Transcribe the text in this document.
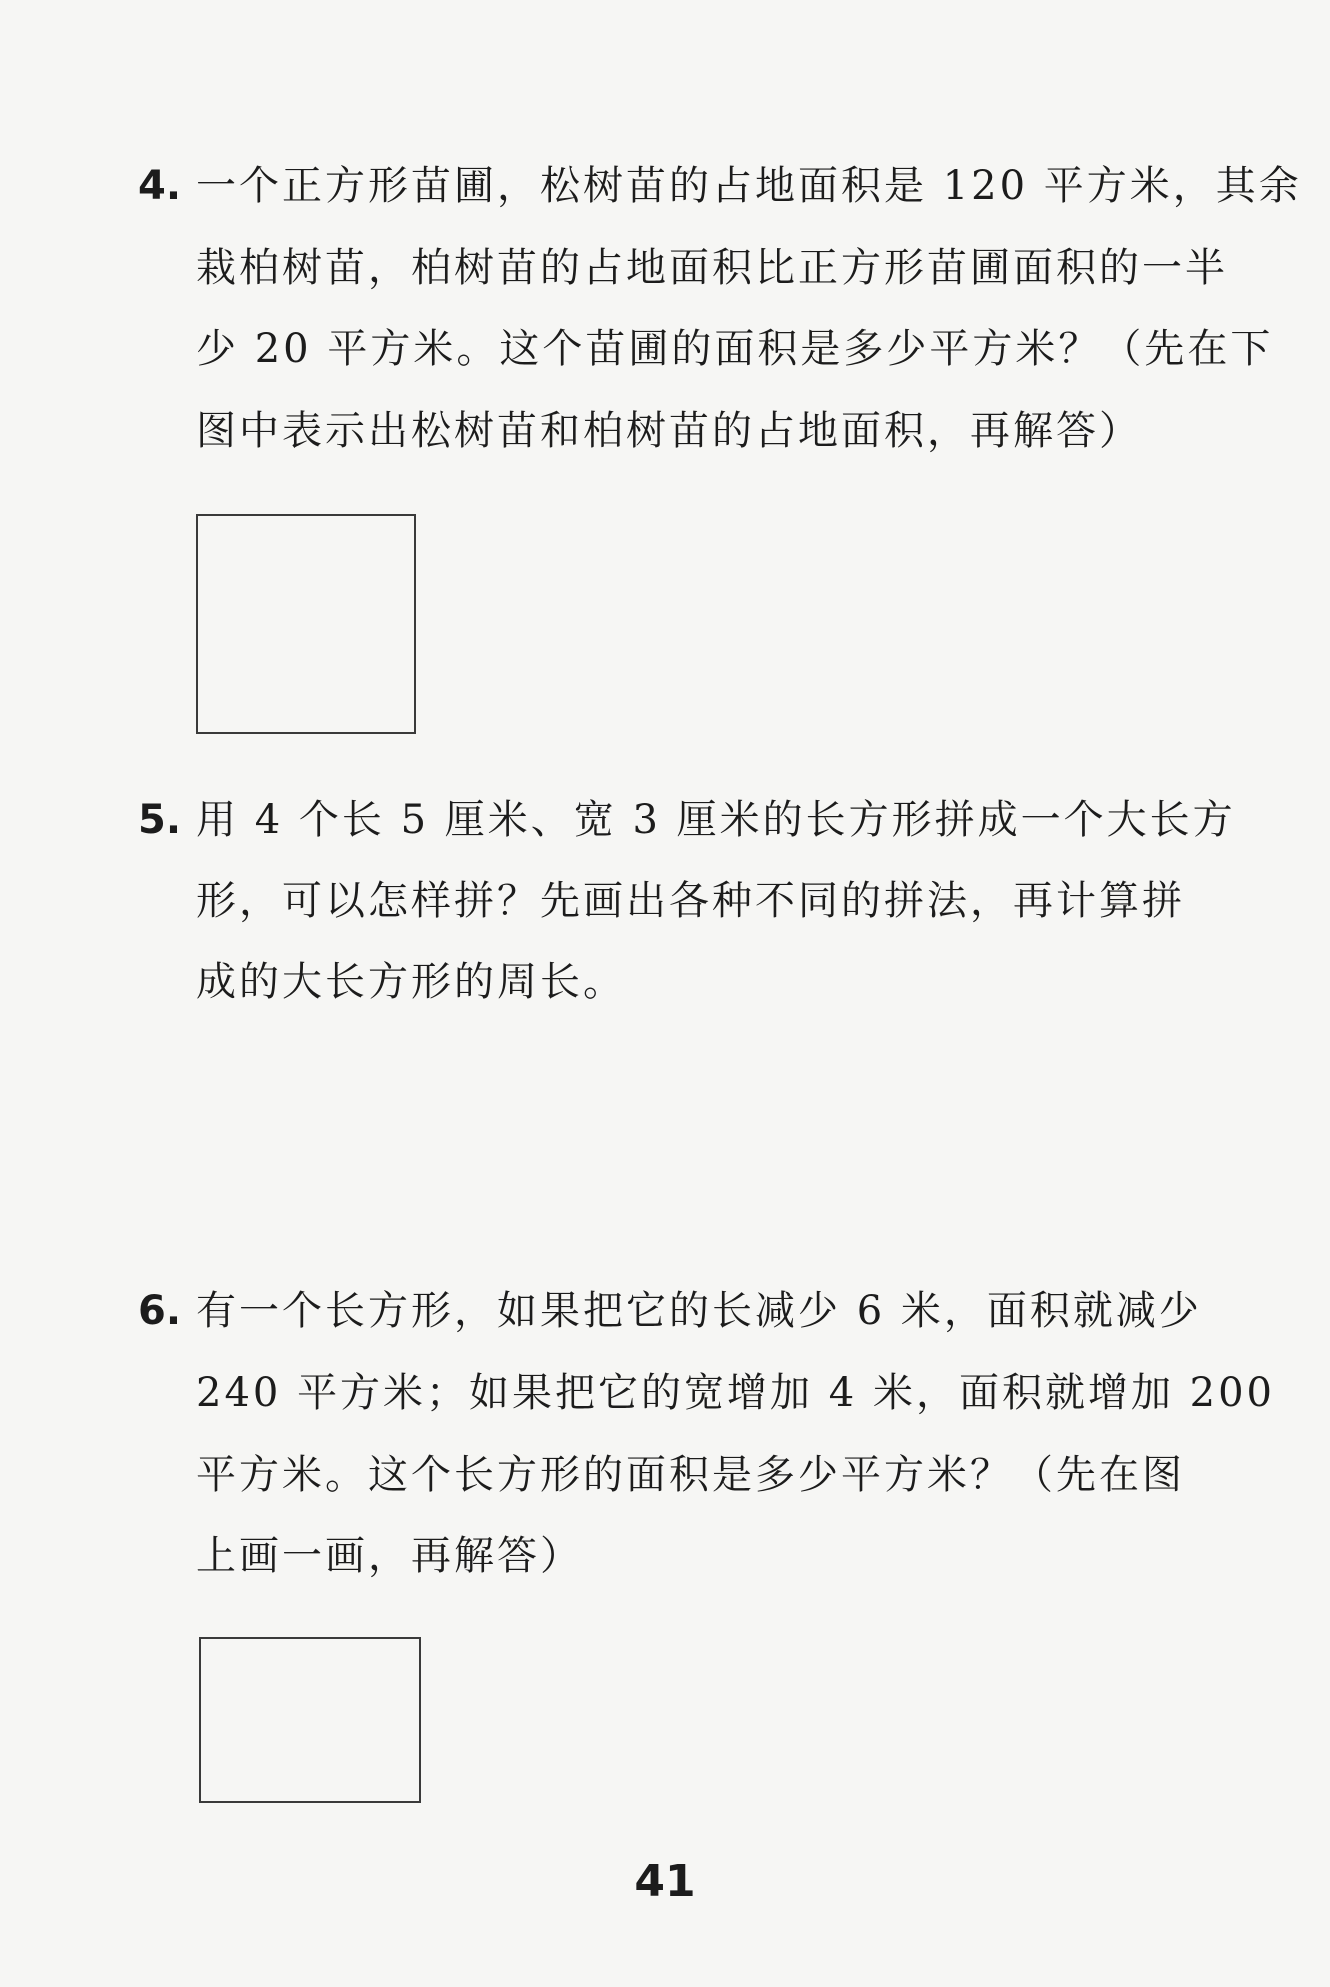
4. 一个正方形苗圃，松树苗的占地面积是 120 平方米，其余
栽柏树苗，柏树苗的占地面积比正方形苗圃面积的一半
少 20 平方米。这个苗圃的面积是多少平方米？（先在下
图中表示出松树苗和柏树苗的占地面积，再解答）
5. 用 4 个长 5 厘米、宽 3 厘米的长方形拼成一个大长方
形，可以怎样拼？先画出各种不同的拼法，再计算拼
成的大长方形的周长。
6. 有一个长方形，如果把它的长减少 6 米，面积就减少
240 平方米；如果把它的宽增加 4 米，面积就增加 200
平方米。这个长方形的面积是多少平方米？（先在图
上画一画，再解答）
41
